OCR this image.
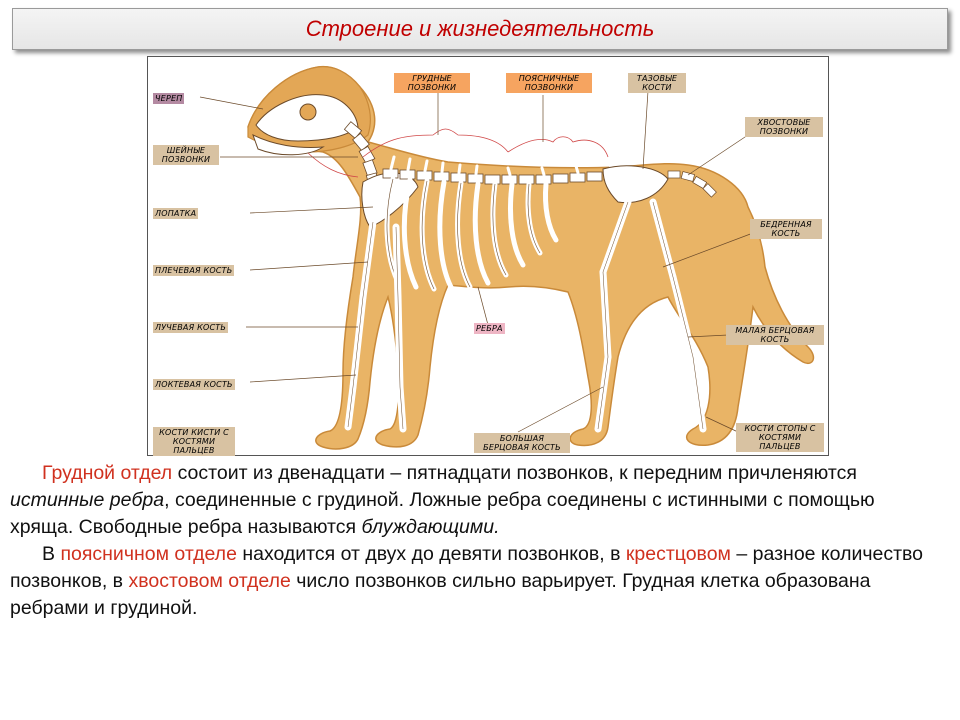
Строение и жизнедеятельность
ЧЕРЕП
ШЕЙНЫЕ ПОЗВОНКИ
ЛОПАТКА
ПЛЕЧЕВАЯ КОСТЬ
ЛУЧЕВАЯ КОСТЬ
ЛОКТЕВАЯ КОСТЬ
КОСТИ КИСТИ С КОСТЯМИ ПАЛЬЦЕВ
ГРУДНЫЕ ПОЗВОНКИ
ПОЯСНИЧНЫЕ ПОЗВОНКИ
ТАЗОВЫЕ КОСТИ
ХВОСТОВЫЕ ПОЗВОНКИ
БЕДРЕННАЯ КОСТЬ
МАЛАЯ БЕРЦОВАЯ КОСТЬ
КОСТИ СТОПЫ С КОСТЯМИ ПАЛЬЦЕВ
РЕБРА
БОЛЬШАЯ БЕРЦОВАЯ КОСТЬ

Грудной отдел состоит из двенадцати – пятнадцати позвонков, к передним причленяются истинные ребра, соединенные с грудиной. Ложные ребра соединены с истинными с помощью хряща. Свободные ребра называются блуждающими.

В поясничном отделе находится от двух до девяти позвонков, в крестцовом – разное количество позвонков, в хвостовом отделе число позвонков сильно варьирует. Грудная клетка образована ребрами и грудиной.
